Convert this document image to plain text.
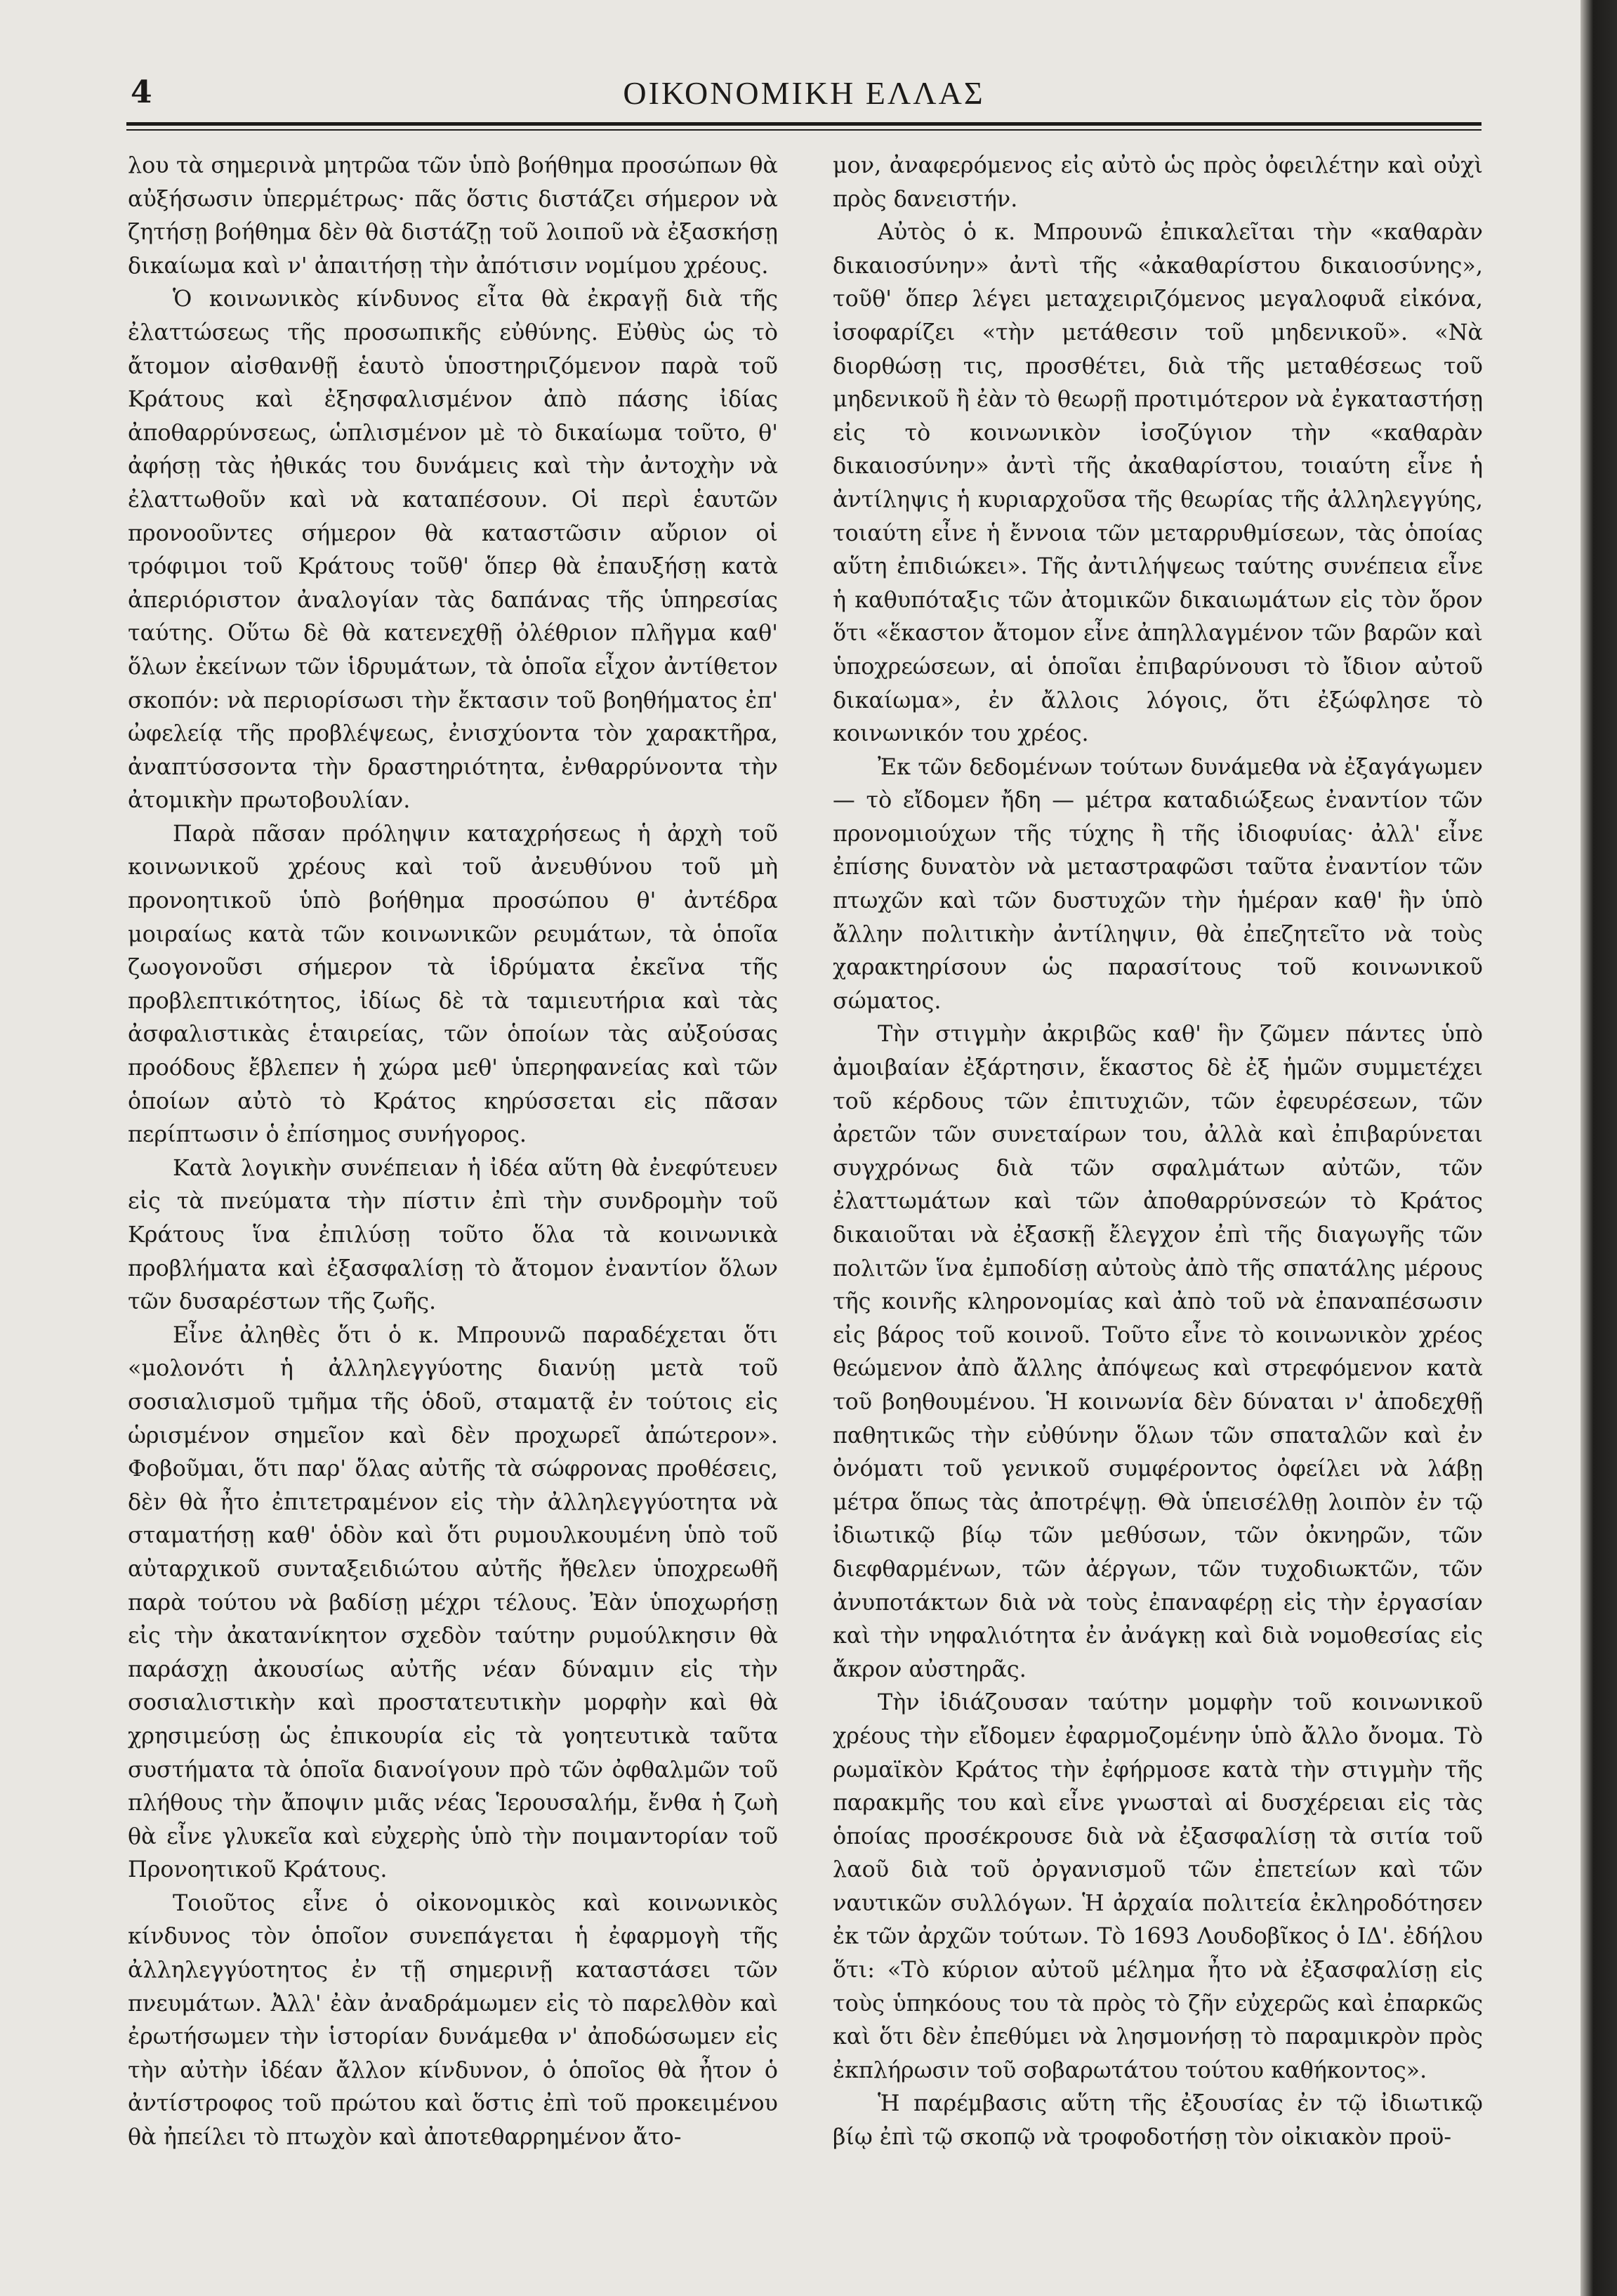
4	ΟΙΚΟΝΟΜΙΚΗ ΕΛΛΑΣ

λου τὰ σημερινὰ μητρῶα τῶν ὑπὸ βοήθημα προσώπων θὰ αὐξήσωσιν ὑπερμέτρως· πᾶς ὅστις διστάζει σήμερον νὰ ζητήσῃ βοήθημα δὲν θὰ διστάζῃ τοῦ λοιποῦ νὰ ἐξασκήσῃ δικαίωμα καὶ ν' ἀπαιτήσῃ τὴν ἀπότισιν νομίμου χρέους.

Ὁ κοινωνικὸς κίνδυνος εἶτα θὰ ἐκραγῇ διὰ τῆς ἐλαττώσεως τῆς προσωπικῆς εὐθύνης. Εὐθὺς ὡς τὸ ἄτομον αἰσθανθῇ ἑαυτὸ ὑποστηριζόμενον παρὰ τοῦ Κράτους καὶ ἐξησφαλισμένον ἀπὸ πάσης ἰδίας ἀποθαρρύνσεως, ὡπλισμένον μὲ τὸ δικαίωμα τοῦτο, θ' ἀφήσῃ τὰς ἠθικάς του δυνάμεις καὶ τὴν ἀντοχὴν νὰ ἐλαττωθοῦν καὶ νὰ καταπέσουν. Οἱ περὶ ἑαυτῶν προνοοῦντες σήμερον θὰ καταστῶσιν αὔριον οἱ τρόφιμοι τοῦ Κράτους τοῦθ' ὅπερ θὰ ἐπαυξήσῃ κατὰ ἀπεριόριστον ἀναλογίαν τὰς δαπάνας τῆς ὑπηρεσίας ταύτης. Οὕτω δὲ θὰ κατενεχθῇ ὀλέθριον πλῆγμα καθ' ὅλων ἐκείνων τῶν ἱδρυμάτων, τὰ ὁποῖα εἶχον ἀντίθετον σκοπόν: νὰ περιορίσωσι τὴν ἔκτασιν τοῦ βοηθήματος ἐπ' ὠφελείᾳ τῆς προβλέψεως, ἐνισχύοντα τὸν χαρακτῆρα, ἀναπτύσσοντα τὴν δραστηριότητα, ἐνθαρρύνοντα τὴν ἀτομικὴν πρωτοβουλίαν.

Παρὰ πᾶσαν πρόληψιν καταχρήσεως ἡ ἀρχὴ τοῦ κοινωνικοῦ χρέους καὶ τοῦ ἀνευθύνου τοῦ μὴ προνοητικοῦ ὑπὸ βοήθημα προσώπου θ' ἀντέδρα μοιραίως κατὰ τῶν κοινωνικῶν ρευμάτων, τὰ ὁποῖα ζωογονοῦσι σήμερον τὰ ἱδρύματα ἐκεῖνα τῆς προβλεπτικότητος, ἰδίως δὲ τὰ ταμιευτήρια καὶ τὰς ἀσφαλιστικὰς ἑταιρείας, τῶν ὁποίων τὰς αὐξούσας προόδους ἔβλεπεν ἡ χώρα μεθ' ὑπερηφανείας καὶ τῶν ὁποίων αὐτὸ τὸ Κράτος κηρύσσεται εἰς πᾶσαν περίπτωσιν ὁ ἐπίσημος συνήγορος.

Κατὰ λογικὴν συνέπειαν ἡ ἰδέα αὕτη θὰ ἐνεφύτευεν εἰς τὰ πνεύματα τὴν πίστιν ἐπὶ τὴν συνδρομὴν τοῦ Κράτους ἵνα ἐπιλύσῃ τοῦτο ὅλα τὰ κοινωνικὰ προβλήματα καὶ ἐξασφαλίσῃ τὸ ἄτομον ἐναντίον ὅλων τῶν δυσαρέστων τῆς ζωῆς.

Εἶνε ἀληθὲς ὅτι ὁ κ. Μπρουνῶ παραδέχεται ὅτι «μολονότι ἡ ἀλληλεγγύοτης διανύῃ μετὰ τοῦ σοσιαλισμοῦ τμῆμα τῆς ὁδοῦ, σταματᾷ ἐν τούτοις εἰς ὡρισμένον σημεῖον καὶ δὲν προχωρεῖ ἀπώτερον». Φοβοῦμαι, ὅτι παρ' ὅλας αὐτῆς τὰ σώφρονας προθέσεις, δὲν θὰ ἦτο ἐπιτετραμένον εἰς τὴν ἀλληλεγγύοτητα νὰ σταματήσῃ καθ' ὁδὸν καὶ ὅτι ρυμουλκουμένη ὑπὸ τοῦ αὐταρχικοῦ συνταξειδιώτου αὐτῆς ἤθελεν ὑποχρεωθῆ παρὰ τούτου νὰ βαδίσῃ μέχρι τέλους. Ἐὰν ὑποχωρήσῃ εἰς τὴν ἀκατανίκητον σχεδὸν ταύτην ρυμούλκησιν θὰ παράσχῃ ἀκουσίως αὐτῆς νέαν δύναμιν εἰς τὴν σοσιαλιστικὴν καὶ προστατευτικὴν μορφὴν καὶ θὰ χρησιμεύσῃ ὡς ἐπικουρία εἰς τὰ γοητευτικὰ ταῦτα συστήματα τὰ ὁποῖα διανοίγουν πρὸ τῶν ὀφθαλμῶν τοῦ πλήθους τὴν ἄποψιν μιᾶς νέας Ἱερουσαλήμ, ἔνθα ἡ ζωὴ θὰ εἶνε γλυκεῖα καὶ εὐχερὴς ὑπὸ τὴν ποιμαντορίαν τοῦ Προνοητικοῦ Κράτους.

Τοιοῦτος εἶνε ὁ οἰκονομικὸς καὶ κοινωνικὸς κίνδυνος τὸν ὁποῖον συνεπάγεται ἡ ἐφαρμογὴ τῆς ἀλληλεγγύοτητος ἐν τῇ σημερινῇ καταστάσει τῶν πνευμάτων. Ἀλλ' ἐὰν ἀναδράμωμεν εἰς τὸ παρελθὸν καὶ ἐρωτήσωμεν τὴν ἱστορίαν δυνάμεθα ν' ἀποδώσωμεν εἰς τὴν αὐτὴν ἰδέαν ἄλλον κίνδυνον, ὁ ὁποῖος θὰ ἦτον ὁ ἀντίστροφος τοῦ πρώτου καὶ ὅστις ἐπὶ τοῦ προκειμένου θὰ ἠπείλει τὸ πτωχὸν καὶ ἀποτεθαρρημένον ἄτο-

μον, ἀναφερόμενος εἰς αὐτὸ ὡς πρὸς ὀφειλέτην καὶ οὐχὶ πρὸς δανειστήν.

Αὐτὸς ὁ κ. Μπρουνῶ ἐπικαλεῖται τὴν «καθαρὰν δικαιοσύνην» ἀντὶ τῆς «ἀκαθαρίστου δικαιοσύνης», τοῦθ' ὅπερ λέγει μεταχειριζόμενος μεγαλοφυᾶ εἰκόνα, ἰσοφαρίζει «τὴν μετάθεσιν τοῦ μηδενικοῦ». «Νὰ διορθώσῃ τις, προσθέτει, διὰ τῆς μεταθέσεως τοῦ μηδενικοῦ ἢ ἐὰν τὸ θεωρῇ προτιμότερον νὰ ἐγκαταστήσῃ εἰς τὸ κοινωνικὸν ἰσοζύγιον τὴν «καθαρὰν δικαιοσύνην» ἀντὶ τῆς ἀκαθαρίστου, τοιαύτη εἶνε ἡ ἀντίληψις ἡ κυριαρχοῦσα τῆς θεωρίας τῆς ἀλληλεγγύης, τοιαύτη εἶνε ἡ ἔννοια τῶν μεταρρυθμίσεων, τὰς ὁποίας αὕτη ἐπιδιώκει». Τῆς ἀντιλήψεως ταύτης συνέπεια εἶνε ἡ καθυπόταξις τῶν ἀτομικῶν δικαιωμάτων εἰς τὸν ὅρον ὅτι «ἕκαστον ἄτομον εἶνε ἀπηλλαγμένον τῶν βαρῶν καὶ ὑποχρεώσεων, αἱ ὁποῖαι ἐπιβαρύνουσι τὸ ἴδιον αὐτοῦ δικαίωμα», ἐν ἄλλοις λόγοις, ὅτι ἐξώφλησε τὸ κοινωνικόν του χρέος.

Ἐκ τῶν δεδομένων τούτων δυνάμεθα νὰ ἐξαγάγωμεν — τὸ εἴδομεν ἤδη — μέτρα καταδιώξεως ἐναντίον τῶν προνομιούχων τῆς τύχης ἢ τῆς ἰδιοφυίας· ἀλλ' εἶνε ἐπίσης δυνατὸν νὰ μεταστραφῶσι ταῦτα ἐναντίον τῶν πτωχῶν καὶ τῶν δυστυχῶν τὴν ἡμέραν καθ' ἣν ὑπὸ ἄλλην πολιτικὴν ἀντίληψιν, θὰ ἐπεζητεῖτο νὰ τοὺς χαρακτηρίσουν ὡς παρασίτους τοῦ κοινωνικοῦ σώματος.

Τὴν στιγμὴν ἀκριβῶς καθ' ἣν ζῶμεν πάντες ὑπὸ ἀμοιβαίαν ἐξάρτησιν, ἕκαστος δὲ ἐξ ἡμῶν συμμετέχει τοῦ κέρδους τῶν ἐπιτυχιῶν, τῶν ἐφευρέσεων, τῶν ἀρετῶν τῶν συνεταίρων του, ἀλλὰ καὶ ἐπιβαρύνεται συγχρόνως διὰ τῶν σφαλμάτων αὐτῶν, τῶν ἐλαττωμάτων καὶ τῶν ἀποθαρρύνσεών τὸ Κράτος δικαιοῦται νὰ ἐξασκῇ ἔλεγχον ἐπὶ τῆς διαγωγῆς τῶν πολιτῶν ἵνα ἐμποδίσῃ αὐτοὺς ἀπὸ τῆς σπατάλης μέρους τῆς κοινῆς κληρονομίας καὶ ἀπὸ τοῦ νὰ ἐπαναπέσωσιν εἰς βάρος τοῦ κοινοῦ. Τοῦτο εἶνε τὸ κοινωνικὸν χρέος θεώμενον ἀπὸ ἄλλης ἀπόψεως καὶ στρεφόμενον κατὰ τοῦ βοηθουμένου. Ἡ κοινωνία δὲν δύναται ν' ἀποδεχθῇ παθητικῶς τὴν εὐθύνην ὅλων τῶν σπαταλῶν καὶ ἐν ὀνόματι τοῦ γενικοῦ συμφέροντος ὀφείλει νὰ λάβῃ μέτρα ὅπως τὰς ἀποτρέψῃ. Θὰ ὑπεισέλθῃ λοιπὸν ἐν τῷ ἰδιωτικῷ βίῳ τῶν μεθύσων, τῶν ὀκνηρῶν, τῶν διεφθαρμένων, τῶν ἀέργων, τῶν τυχοδιωκτῶν, τῶν ἀνυποτάκτων διὰ νὰ τοὺς ἐπαναφέρῃ εἰς τὴν ἐργασίαν καὶ τὴν νηφαλιότητα ἐν ἀνάγκῃ καὶ διὰ νομοθεσίας εἰς ἄκρον αὐστηρᾶς.

Τὴν ἰδιάζουσαν ταύτην μομφὴν τοῦ κοινωνικοῦ χρέους τὴν εἴδομεν ἐφαρμοζομένην ὑπὸ ἄλλο ὄνομα. Τὸ ρωμαϊκὸν Κράτος τὴν ἐφήρμοσε κατὰ τὴν στιγμὴν τῆς παρακμῆς του καὶ εἶνε γνωσταὶ αἱ δυσχέρειαι εἰς τὰς ὁποίας προσέκρουσε διὰ νὰ ἐξασφαλίσῃ τὰ σιτία τοῦ λαοῦ διὰ τοῦ ὀργανισμοῦ τῶν ἐπετείων καὶ τῶν ναυτικῶν συλλόγων. Ἡ ἀρχαία πολιτεία ἐκληροδότησεν ἐκ τῶν ἀρχῶν τούτων. Τὸ 1693 Λουδοβῖκος ὁ ΙΔ'. ἐδήλου ὅτι: «Τὸ κύριον αὐτοῦ μέλημα ἦτο νὰ ἐξασφαλίσῃ εἰς τοὺς ὑπηκόους του τὰ πρὸς τὸ ζῆν εὐχερῶς καὶ ἐπαρκῶς καὶ ὅτι δὲν ἐπεθύμει νὰ λησμονήσῃ τὸ παραμικρὸν πρὸς ἐκπλήρωσιν τοῦ σοβαρωτάτου τούτου καθήκοντος».

Ἡ παρέμβασις αὕτη τῆς ἐξουσίας ἐν τῷ ἰδιωτικῷ βίῳ ἐπὶ τῷ σκοπῷ νὰ τροφοδοτήσῃ τὸν οἰκιακὸν προϋ-
